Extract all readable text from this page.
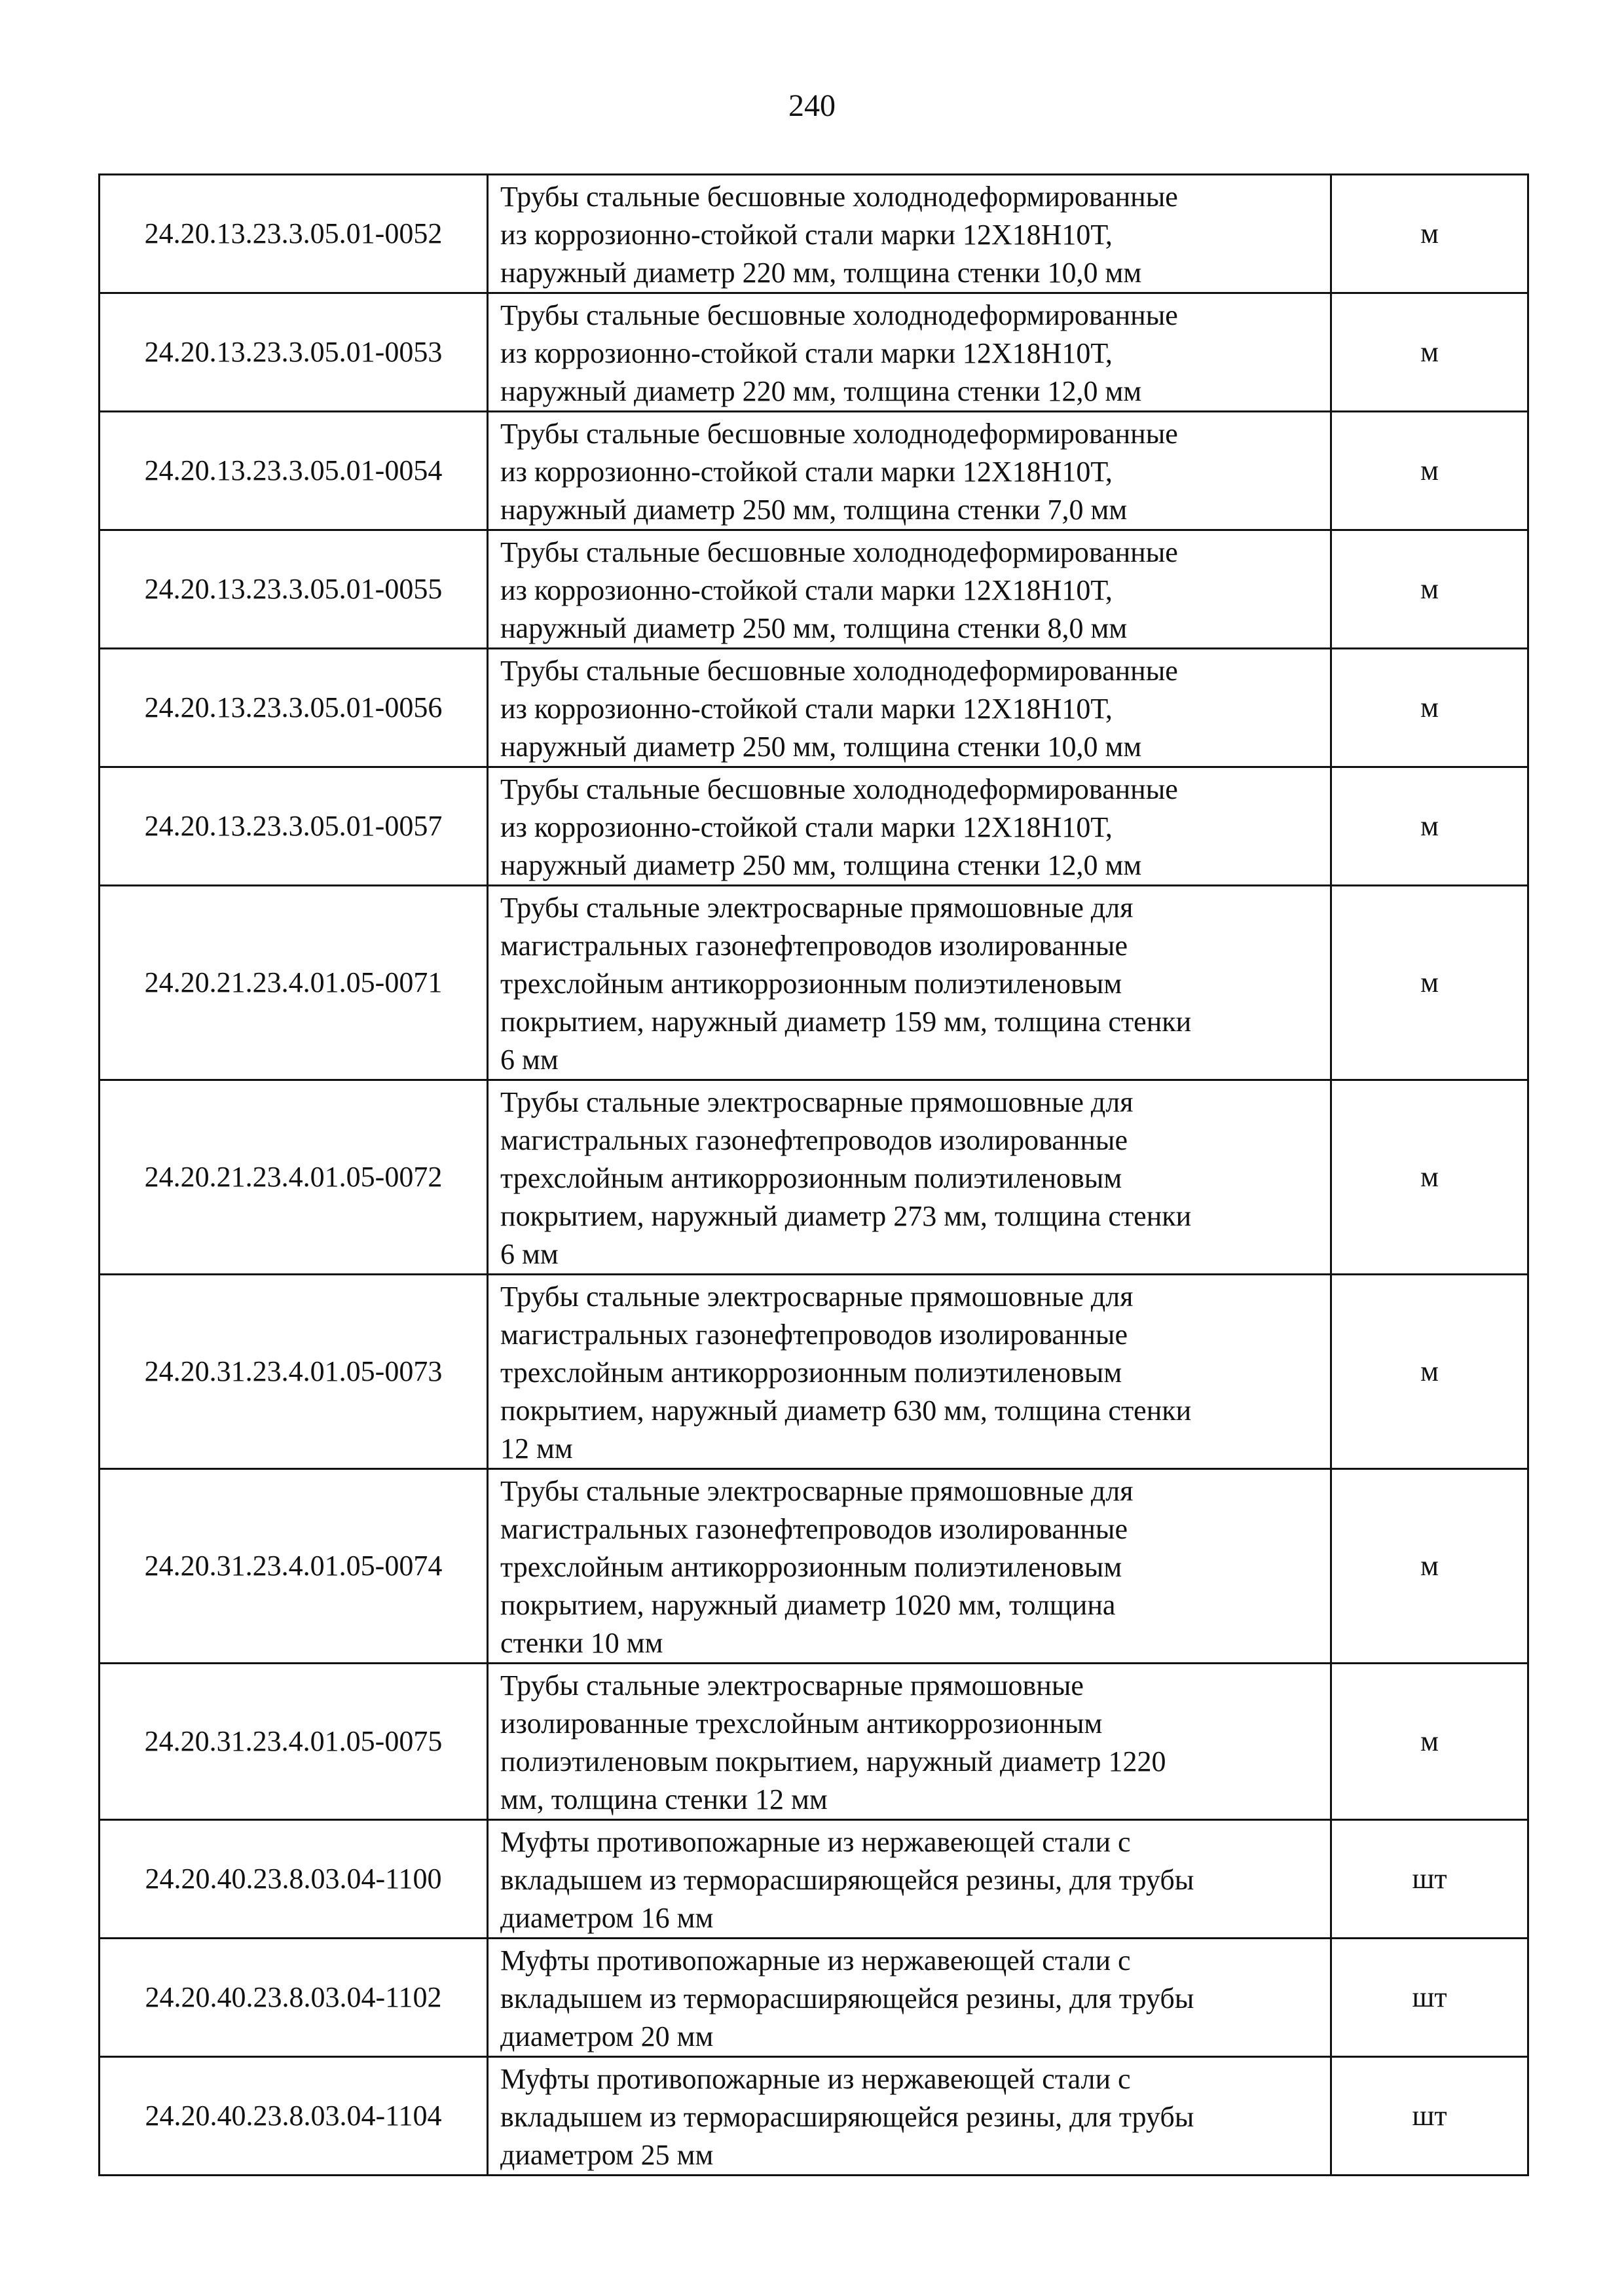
240
24.20.13.23.3.05.01-0052	Трубы стальные бесшовные холоднодеформированные
из коррозионно-стойкой стали марки 12Х18Н10Т,
наружный диаметр 220 мм, толщина стенки 10,0 мм	м
24.20.13.23.3.05.01-0053	Трубы стальные бесшовные холоднодеформированные
из коррозионно-стойкой стали марки 12Х18Н10Т,
наружный диаметр 220 мм, толщина стенки 12,0 мм	м
24.20.13.23.3.05.01-0054	Трубы стальные бесшовные холоднодеформированные
из коррозионно-стойкой стали марки 12Х18Н10Т,
наружный диаметр 250 мм, толщина стенки 7,0 мм	м
24.20.13.23.3.05.01-0055	Трубы стальные бесшовные холоднодеформированные
из коррозионно-стойкой стали марки 12Х18Н10Т,
наружный диаметр 250 мм, толщина стенки 8,0 мм	м
24.20.13.23.3.05.01-0056	Трубы стальные бесшовные холоднодеформированные
из коррозионно-стойкой стали марки 12Х18Н10Т,
наружный диаметр 250 мм, толщина стенки 10,0 мм	м
24.20.13.23.3.05.01-0057	Трубы стальные бесшовные холоднодеформированные
из коррозионно-стойкой стали марки 12Х18Н10Т,
наружный диаметр 250 мм, толщина стенки 12,0 мм	м
24.20.21.23.4.01.05-0071	Трубы стальные электросварные прямошовные для
магистральных газонефтепроводов изолированные
трехслойным антикоррозионным полиэтиленовым
покрытием, наружный диаметр 159 мм, толщина стенки
6 мм	м
24.20.21.23.4.01.05-0072	Трубы стальные электросварные прямошовные для
магистральных газонефтепроводов изолированные
трехслойным антикоррозионным полиэтиленовым
покрытием, наружный диаметр 273 мм, толщина стенки
6 мм	м
24.20.31.23.4.01.05-0073	Трубы стальные электросварные прямошовные для
магистральных газонефтепроводов изолированные
трехслойным антикоррозионным полиэтиленовым
покрытием, наружный диаметр 630 мм, толщина стенки
12 мм	м
24.20.31.23.4.01.05-0074	Трубы стальные электросварные прямошовные для
магистральных газонефтепроводов изолированные
трехслойным антикоррозионным полиэтиленовым
покрытием, наружный диаметр 1020 мм, толщина
стенки 10 мм	м
24.20.31.23.4.01.05-0075	Трубы стальные электросварные прямошовные
изолированные трехслойным антикоррозионным
полиэтиленовым покрытием, наружный диаметр 1220
мм, толщина стенки 12 мм	м
24.20.40.23.8.03.04-1100	Муфты противопожарные из нержавеющей стали с
вкладышем из терморасширяющейся резины, для трубы
диаметром 16 мм	шт
24.20.40.23.8.03.04-1102	Муфты противопожарные из нержавеющей стали с
вкладышем из терморасширяющейся резины, для трубы
диаметром 20 мм	шт
24.20.40.23.8.03.04-1104	Муфты противопожарные из нержавеющей стали с
вкладышем из терморасширяющейся резины, для трубы
диаметром 25 мм	шт
